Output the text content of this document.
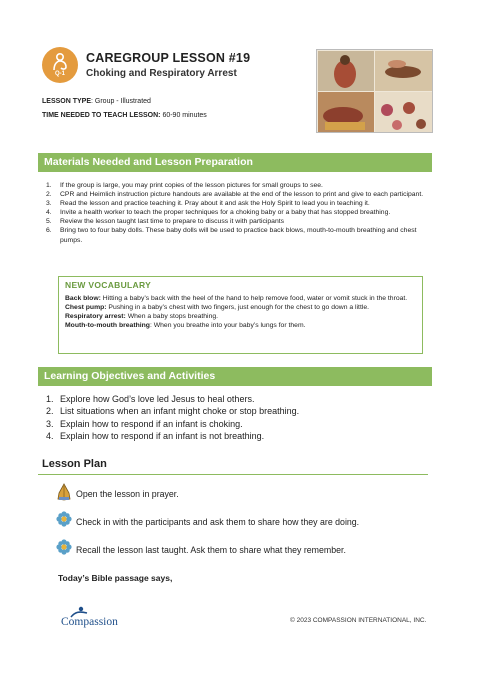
Q-1
CAREGROUP LESSON #19
Choking and Respiratory Arrest
LESSON TYPE: Group - Illustrated
TIME NEEDED TO TEACH LESSON: 60-90 minutes
Materials Needed and Lesson Preparation
1. If the group is large, you may print copies of the lesson pictures for small groups to see.
2. CPR and Heimlich instruction picture handouts are available at the end of the lesson to print and give to each participant.
3. Read the lesson and practice teaching it. Pray about it and ask the Holy Spirit to lead you in teaching it.
4. Invite a health worker to teach the proper techniques for a choking baby or a baby that has stopped breathing.
5. Review the lesson taught last time to prepare to discuss it with participants
6. Bring two to four baby dolls. These baby dolls will be used to practice back blows, mouth-to-mouth breathing and chest pumps.
NEW VOCABULARY

Back blow: Hitting a baby’s back with the heel of the hand to help remove food, water or vomit stuck in the throat.

Chest pump: Pushing in a baby’s chest with two fingers, just enough for the chest to go down a little.

Respiratory arrest: When a baby stops breathing.

Mouth-to-mouth breathing: When you breathe into your baby’s lungs for them.

Learning Objectives and Activities
1. Explore how God’s love led Jesus to heal others.
2. List situations when an infant might choke or stop breathing.
3. Explain how to respond if an infant is choking.
4. Explain how to respond if an infant is not breathing.
Lesson Plan
Open the lesson in prayer.
Check in with the participants and ask them to share how they are doing.
Recall the lesson last taught. Ask them to share what they remember.
Today’s Bible passage says,
Compassion	© 2023 COMPASSION INTERNATIONAL, INC.
